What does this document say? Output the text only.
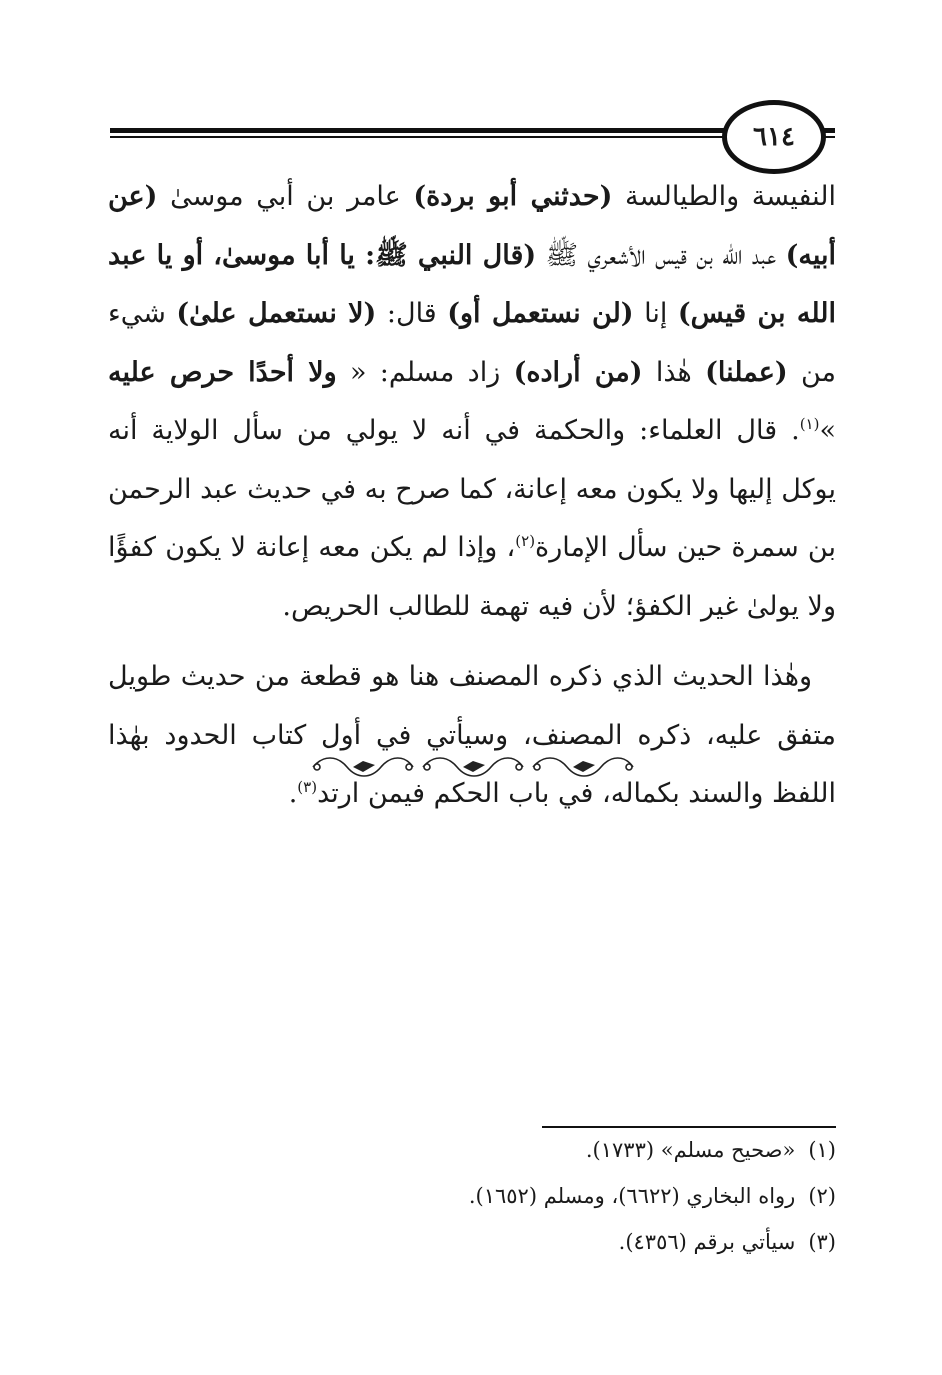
٦١٤

النفيسة والطيالسة (حدثني أبو بردة) عامر بن أبي موسىٰ (عن أبيه) عبد الله بن قيس الأشعري ﷺ (قال النبي ﷺ: يا أبا موسىٰ، أو يا عبد الله بن قيس) إنا (لن نستعمل أو) قال: (لا نستعمل علىٰ) شيء من (عملنا) هٰذا (من أراده) زاد مسلم: « ولا أحدًا حرص عليه »$^{(١)}$. قال العلماء: والحكمة في أنه لا يولي من سأل الولاية أنه يوكل إليها ولا يكون معه إعانة، كما صرح به في حديث عبد الرحمن بن سمرة حين سأل الإمارة$^{(٢)}$، وإذا لم يكن معه إعانة لا يكون كفؤًا ولا يولىٰ غير الكفؤ؛ لأن فيه تهمة للطالب الحريص.

وهٰذا الحديث الذي ذكره المصنف هنا هو قطعة من حديث طويل متفق عليه، ذكره المصنف، وسيأتي في أول كتاب الحدود بهٰذا اللفظ والسند بكماله، في باب الحكم فيمن ارتد$^{(٣)}$.

(١) «صحيح مسلم» (١٧٣٣).

(٢) رواه البخاري (٦٦٢٢)، ومسلم (١٦٥٢).

(٣) سيأتي برقم (٤٣٥٦).
